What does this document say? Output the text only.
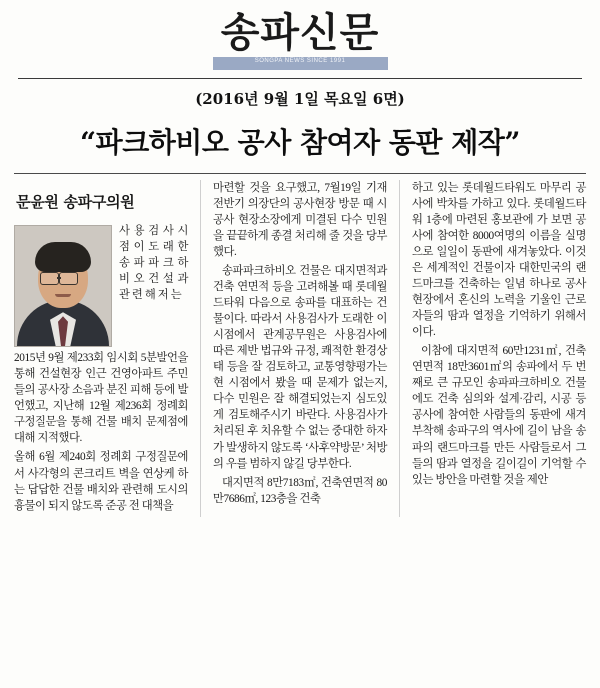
송파신문
SONGPA NEWS SINCE 1991
(2016년 9월 1일 목요일 6면)
“파크하비오 공사 참여자 동판 제작”
문윤원 송파구의원

사 용 검 사 시 점 이 도 래 한 송 파 파 크 하 비 오 건 설 과 관 련 해 저 는

2015년 9월 제233회 임시회 5분발언을 통해 건설현장 인근 건영아파트 주민들의 공사장 소음과 분진 피해 등에 발언했고, 지난해 12월 제236회 정례회 구정질문을 통해 건물 배치 문제점에 대해 지적했다.

올해 6월 제240회 정례회 구정질문에서 사각형의 콘크리트 벽을 연상케 하는 답답한 건물 배치와 관련해 도시의 흉물이 되지 않도록 준공 전 대책을

마련할 것을 요구했고, 7월19일 기재 전반기 의장단의 공사현장 방문 때 시공사 현장소장에게 미결된 다수 민원을 끝끝하게 종결 처리해 줄 것을 당부했다.

송파파크하비오 건물은 대지면적과 건축 연면적 등을 고려해볼 때 롯데월드타워 다음으로 송파를 대표하는 건물이다. 따라서 사용검사가 도래한 이 시점에서 관계공무원은 사용검사에 따른 제반 법규와 규정, 쾌적한 환경상태 등을 잘 검토하고, 교통영향평가는 현 시점에서 봤을 때 문제가 없는지, 다수 민원은 잘 해결되었는지 심도있게 검토해주시기 바란다. 사용검사가 처리된 후 치유할 수 없는 중대한 하자가 발생하지 않도록 ‘사후약방문’ 처방의 우를 범하지 않길 당부한다.

대지면적 8만7183㎡, 건축연면적 80만7686㎡, 123층을 건축

하고 있는 롯데월드타워도 마무리 공사에 박차를 가하고 있다. 롯데월드타워 1층에 마련된 홍보관에 가 보면 공사에 참여한 8000여명의 이름을 실명으로 일일이 동판에 새겨놓았다. 이것은 세계적인 건물이자 대한민국의 랜드마크를 건축하는 일념 하나로 공사 현장에서 혼신의 노력을 기울인 근로자들의 땀과 열정을 기억하기 위해서이다.

이참에 대지면적 60만1231㎡, 건축연면적 18만3601㎡의 송파에서 두 번째로 큰 규모인 송파파크하비오 건물에도 건축 심의와 설계·감리, 시공 등 공사에 참여한 사람들의 동판에 새겨 부착해 송파구의 역사에 길이 남을 송파의 랜드마크를 만든 사람들로서 그들의 땀과 열정을 길이길이 기억할 수 있는 방안을 마련할 것을 제안
